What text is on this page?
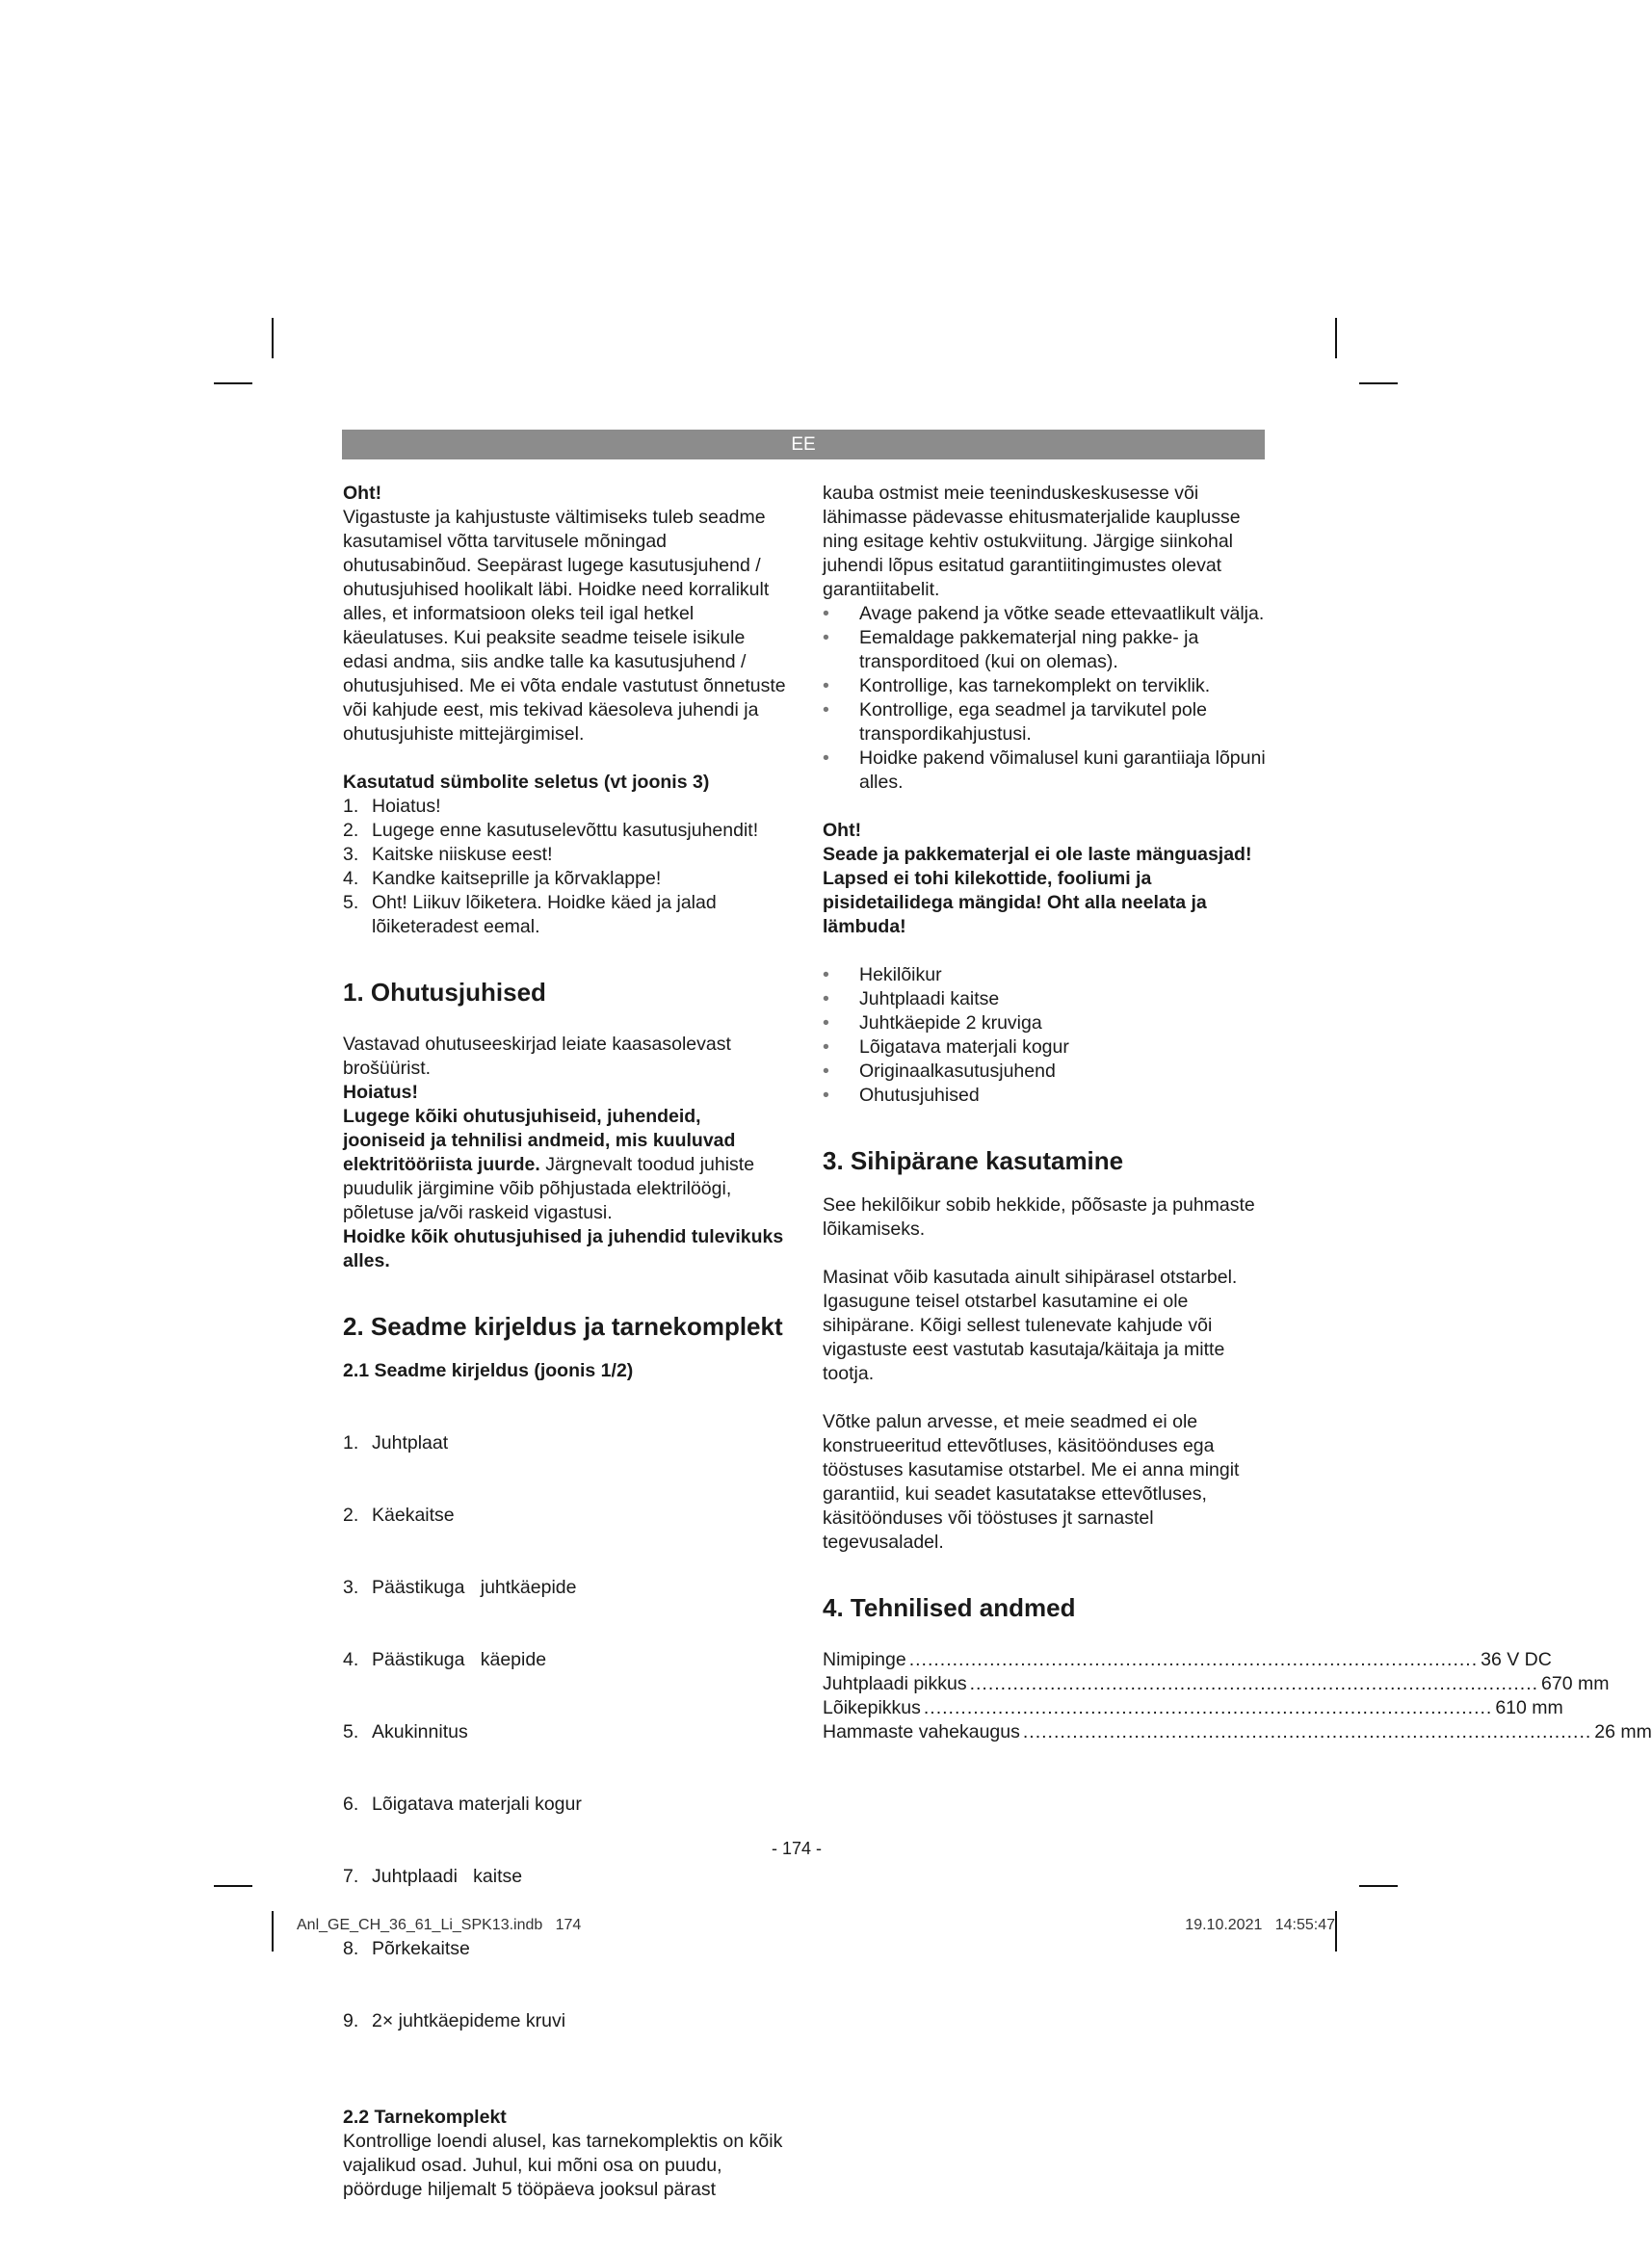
EE

Oht!

Vigastuste ja kahjustuste vältimiseks tuleb seadme kasutamisel võtta tarvitusele mõningad ohutusabinõud. Seepärast lugege kasutusjuhend / ohutusjuhised hoolikalt läbi. Hoidke need korralikult alles, et informatsioon oleks teil igal hetkel käeulatuses. Kui peaksite seadme teisele isikule edasi andma, siis andke talle ka kasutusjuhend / ohutusjuhised. Me ei võta endale vastutust õnnetuste või kahjude eest, mis tekivad käesoleva juhendi ja ohutusjuhiste mittejärgimisel.

Kasutatud sümbolite seletus (vt joonis 3)

1. Hoiatus!
2. Lugege enne kasutuselevõttu kasutusjuhendit!
3. Kaitske niiskuse eest!
4. Kandke kaitseprille ja kõrvaklappe!
5. Oht! Liikuv lõiketera. Hoidke käed ja jalad lõiketeradest eemal.

1. Ohutusjuhised

Vastavad ohutuseeskirjad leiate kaasasolevast brošüürist.

Hoiatus!

Lugege kõiki ohutusjuhiseid, juhendeid, jooniseid ja tehnilisi andmeid, mis kuuluvad elektritööriista juurde. Järgnevalt toodud juhiste puudulik järgimine võib põhjustada elektrilöögi, põletuse ja/või raskeid vigastusi.

Hoidke kõik ohutusjuhised ja juhendid tulevikuks alles.

2. Seadme kirjeldus ja tarnekomplekt

2.1 Seadme kirjeldus (joonis 1/2)

1. Juhtplaat

2. Käekaitse

3. Päästikuga   juhtkäepide

4. Päästikuga   käepide

5. Akukinnitus

6. Lõigatava materjali kogur

7. Juhtplaadi   kaitse

8. Põrkekaitse

9. 2× juhtkäepideme kruvi

2.2 Tarnekomplekt

Kontrollige loendi alusel, kas tarnekomplektis on kõik vajalikud osad. Juhul, kui mõni osa on puudu, pöörduge hiljemalt 5 tööpäeva jooksul pärast

kauba ostmist meie teeninduskeskusesse või lähimasse pädevasse ehitusmaterjalide kauplusse ning esitage kehtiv ostukviitung. Järgige siinkohal juhendi lõpus esitatud garantiitingimustes olevat garantiitabelit.

• Avage pakend ja võtke seade ettevaatlikult välja.
• Eemaldage pakkematerjal ning pakke- ja transporditoed (kui on olemas).
• Kontrollige, kas tarnekomplekt on terviklik.
• Kontrollige, ega seadmel ja tarvikutel pole transpordikahjustusi.
• Hoidke pakend võimalusel kuni garantiiaja lõpuni alles.

Oht!

Seade ja pakkematerjal ei ole laste mänguasjad! Lapsed ei tohi kilekottide, fooliumi ja pisidetailidega mängida! Oht alla neelata ja lämbuda!

• Hekilõikur
• Juhtplaadi kaitse
• Juhtkäepide 2 kruviga
• Lõigatava materjali kogur
• Originaalkasutusjuhend
• Ohutusjuhised

3. Sihipärane kasutamine

See hekilõikur sobib hekkide, põõsaste ja puhmaste lõikamiseks.

Masinat võib kasutada ainult sihipärasel otstarbel. Igasugune teisel otstarbel kasutamine ei ole sihipärane. Kõigi sellest tulenevate kahjude või vigastuste eest vastutab kasutaja/käitaja ja mitte tootja.

Võtke palun arvesse, et meie seadmed ei ole konstrueeritud ettevõtluses, käsitöönduses ega tööstuses kasutamise otstarbel. Me ei anna mingit garantiid, kui seadet kasutatakse ettevõtluses, käsitöönduses või tööstuses jt sarnastel tegevusaladel.

4. Tehnilised andmed

Nimipinge ............................................................................................ 36 V DC
Juhtplaadi pikkus ............................................................................................ 670 mm
Lõikepikkus ............................................................................................ 610 mm
Hammaste vahekaugus ............................................................................................ 26 mm
- 174 -
Anl_GE_CH_36_61_Li_SPK13.indb   174	19.10.2021   14:55:47
